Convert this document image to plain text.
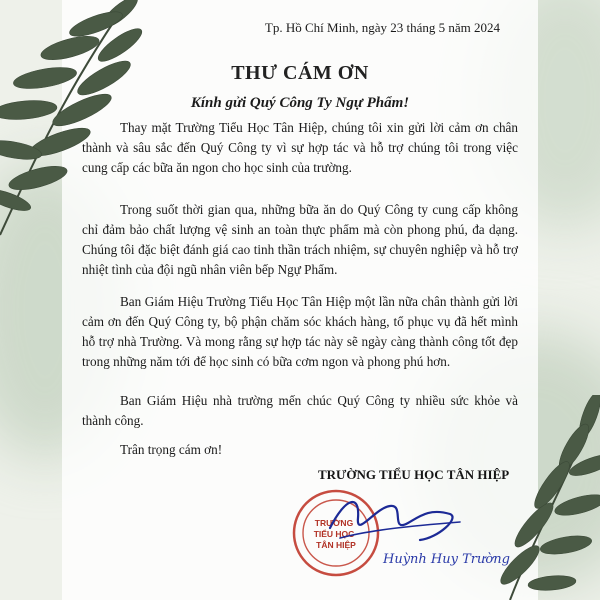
Tp. Hồ Chí Minh, ngày 23 tháng 5 năm 2024
THƯ CÁM ƠN
Kính gửi Quý Công Ty Ngự Phẩm!

Thay mặt Trường Tiểu Học Tân Hiệp, chúng tôi xin gửi lời cảm ơn chân thành và sâu sắc đến Quý Công ty vì sự hợp tác và hỗ trợ chúng tôi trong việc cung cấp các bữa ăn ngon cho học sinh của trường.

Trong suốt thời gian qua, những bữa ăn do Quý Công ty cung cấp không chỉ đảm bảo chất lượng vệ sinh an toàn thực phẩm mà còn phong phú, đa dạng. Chúng tôi đặc biệt đánh giá cao tinh thần trách nhiệm, sự chuyên nghiệp và hỗ trợ nhiệt tình của đội ngũ nhân viên bếp Ngự Phẩm.

Ban Giám Hiệu Trường Tiểu Học Tân Hiệp một lần nữa chân thành gửi lời cảm ơn đến Quý Công ty, bộ phận chăm sóc khách hàng, tổ phục vụ đã hết mình hỗ trợ nhà Trường. Và mong rằng sự hợp tác này sẽ ngày càng thành công tốt đẹp trong những năm tới để học sinh có bữa cơm ngon và phong phú hơn.

Ban Giám Hiệu nhà trường mến chúc Quý Công ty nhiều sức khỏe và thành công.

Trân trọng cám ơn!

TRƯỜNG TIỂU HỌC TÂN HIỆP
TRƯỜNG
TIỂU HỌC
TÂN HIỆP
Huỳnh Huy Trường
